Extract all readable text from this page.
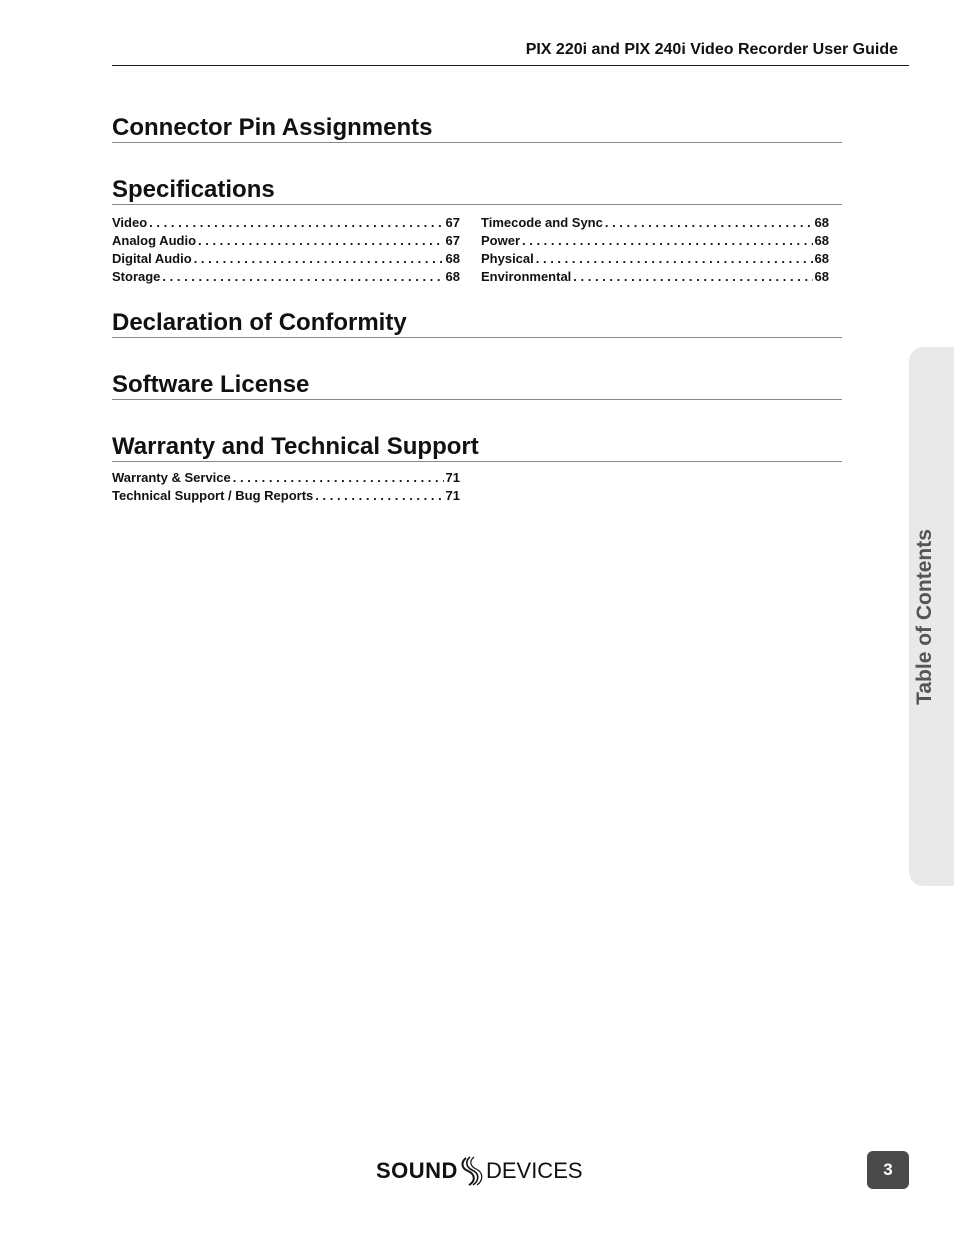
PIX 220i and PIX 240i Video Recorder User Guide
Connector Pin Assignments
Specifications
Video . . .	67
Analog Audio . . .	67
Digital Audio . . .	68
Storage . . .	68
Timecode and Sync . . .	68
Power . . .	68
Physical . . .	68
Environmental . . .	68
Declaration of Conformity
Software License
Warranty and Technical Support
Warranty & Service . . .	71
Technical Support / Bug Reports . . .	71
Table of Contents
SOUND DEVICES	3
